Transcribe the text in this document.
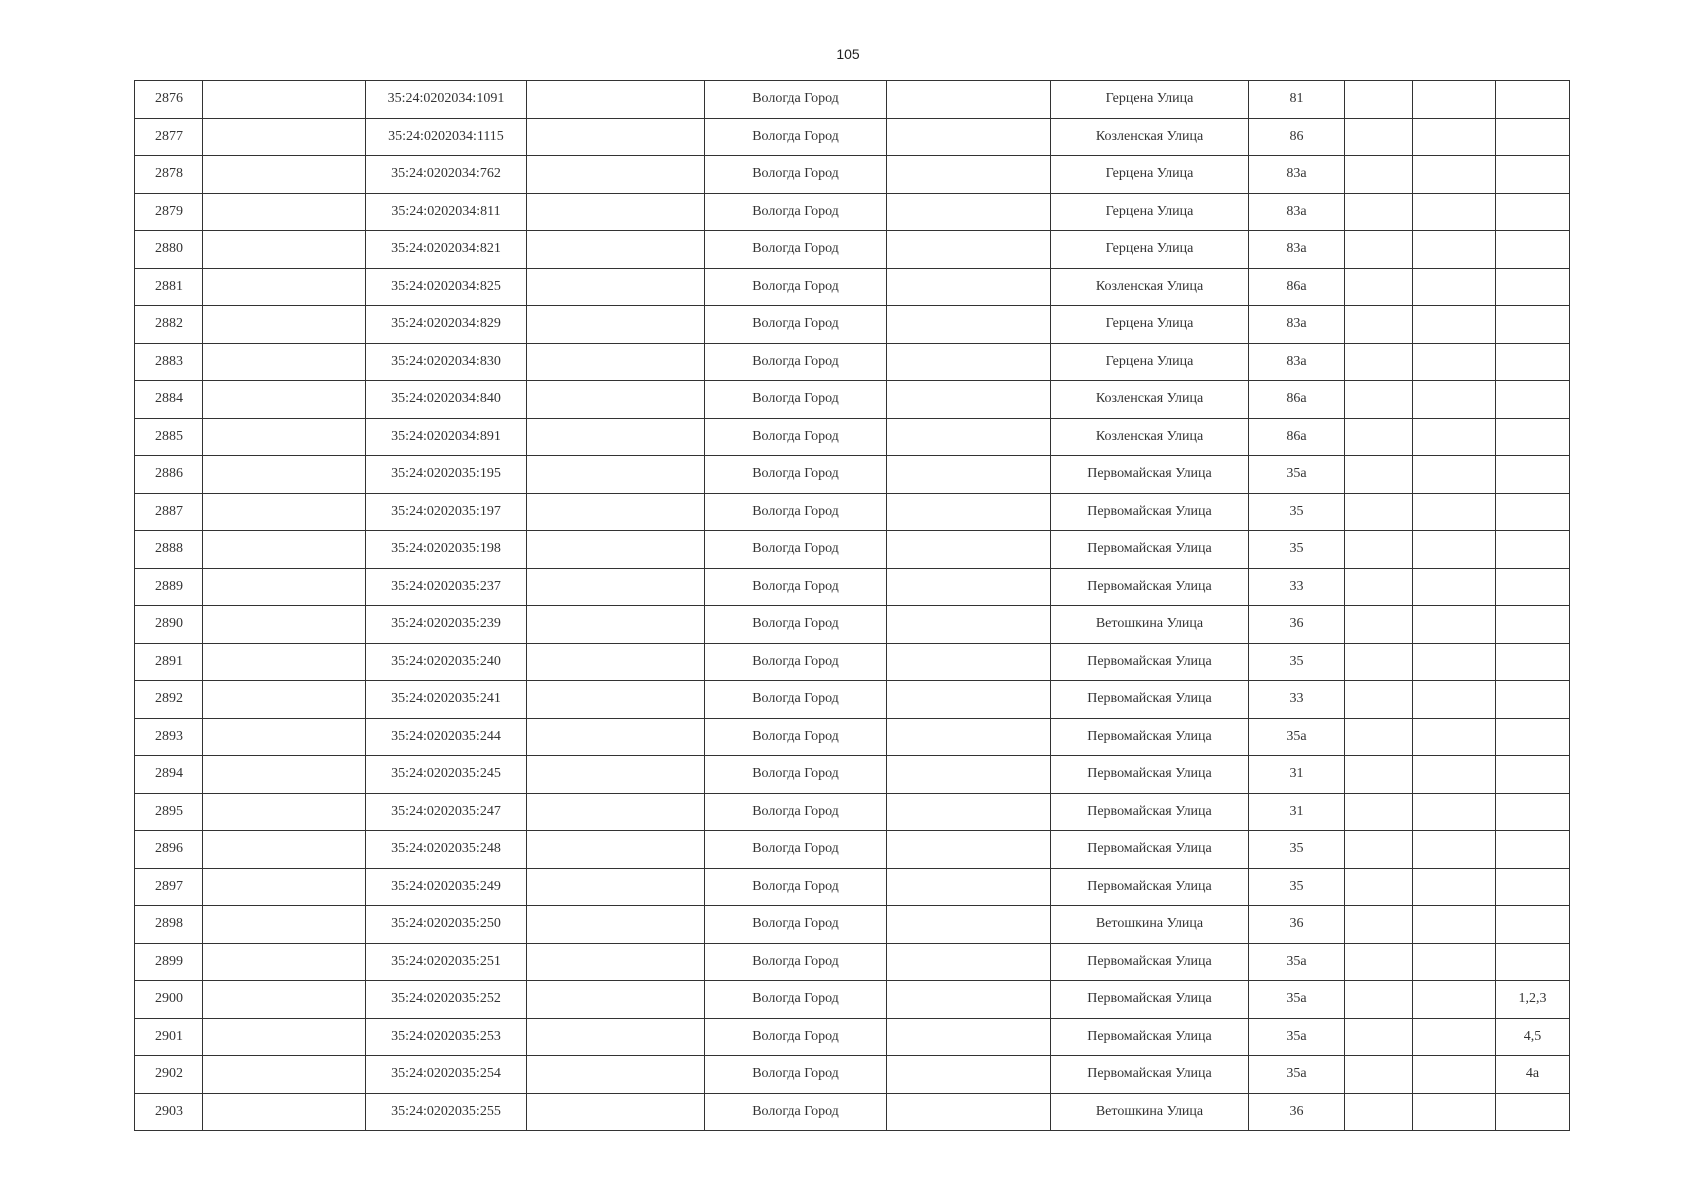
105
2876		35:24:0202034:1091		Вологда Город		Герцена Улица	81			
2877		35:24:0202034:1115		Вологда Город		Козленская Улица	86			
2878		35:24:0202034:762		Вологда Город		Герцена Улица	83а			
2879		35:24:0202034:811		Вологда Город		Герцена Улица	83а			
2880		35:24:0202034:821		Вологда Город		Герцена Улица	83а			
2881		35:24:0202034:825		Вологда Город		Козленская Улица	86а			
2882		35:24:0202034:829		Вологда Город		Герцена Улица	83а			
2883		35:24:0202034:830		Вологда Город		Герцена Улица	83а			
2884		35:24:0202034:840		Вологда Город		Козленская Улица	86а			
2885		35:24:0202034:891		Вологда Город		Козленская Улица	86а			
2886		35:24:0202035:195		Вологда Город		Первомайская Улица	35а			
2887		35:24:0202035:197		Вологда Город		Первомайская Улица	35			
2888		35:24:0202035:198		Вологда Город		Первомайская Улица	35			
2889		35:24:0202035:237		Вологда Город		Первомайская Улица	33			
2890		35:24:0202035:239		Вологда Город		Ветошкина Улица	36			
2891		35:24:0202035:240		Вологда Город		Первомайская Улица	35			
2892		35:24:0202035:241		Вологда Город		Первомайская Улица	33			
2893		35:24:0202035:244		Вологда Город		Первомайская Улица	35а			
2894		35:24:0202035:245		Вологда Город		Первомайская Улица	31			
2895		35:24:0202035:247		Вологда Город		Первомайская Улица	31			
2896		35:24:0202035:248		Вологда Город		Первомайская Улица	35			
2897		35:24:0202035:249		Вологда Город		Первомайская Улица	35			
2898		35:24:0202035:250		Вологда Город		Ветошкина Улица	36			
2899		35:24:0202035:251		Вологда Город		Первомайская Улица	35а			
2900		35:24:0202035:252		Вологда Город		Первомайская Улица	35а			1,2,3
2901		35:24:0202035:253		Вологда Город		Первомайская Улица	35а			4,5
2902		35:24:0202035:254		Вологда Город		Первомайская Улица	35а			4а
2903		35:24:0202035:255		Вологда Город		Ветошкина Улица	36			
